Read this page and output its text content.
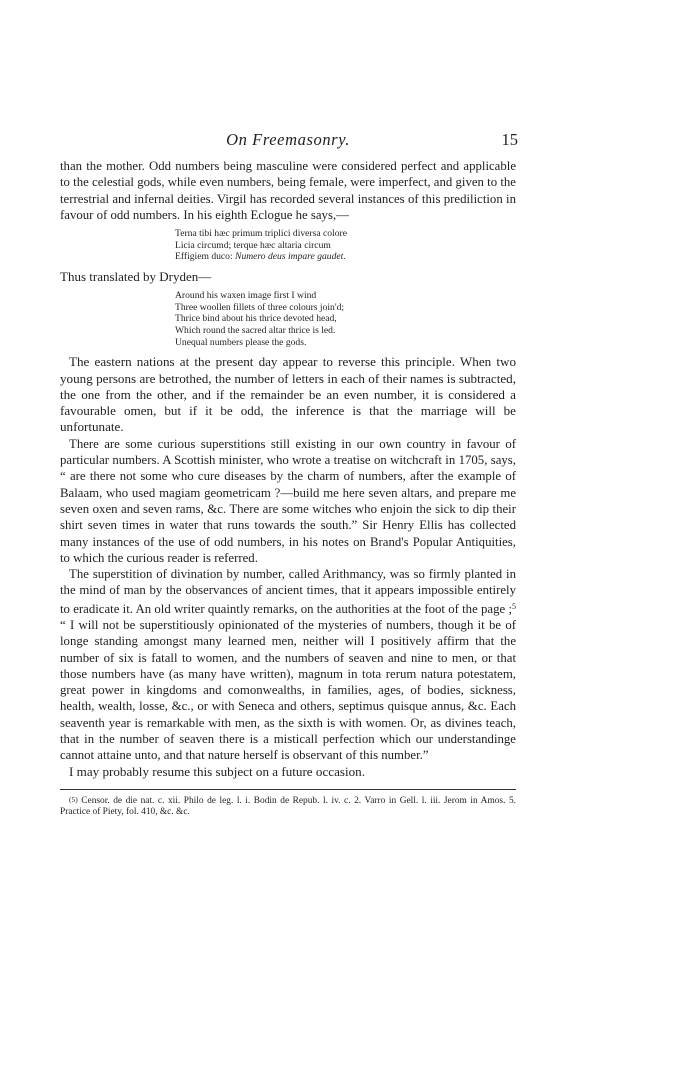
On Freemasonry.	15

than the mother. Odd numbers being masculine were considered perfect and applicable to the celestial gods, while even numbers, being female, were imperfect, and given to the terrestrial and infernal deities. Virgil has recorded several instances of this prediliction in favour of odd numbers. In his eighth Eclogue he says,—

Terna tibi hæc primum triplici diversa colore
Licia circumd; terque hæc altaria circum
Effigiem duco: Numero deus impare gaudet.

Thus translated by Dryden—

Around his waxen image first I wind
Three woollen fillets of three colours join'd;
Thrice bind about his thrice devoted head,
Which round the sacred altar thrice is led.
Unequal numbers please the gods.

The eastern nations at the present day appear to reverse this principle. When two young persons are betrothed, the number of letters in each of their names is subtracted, the one from the other, and if the remainder be an even number, it is considered a favourable omen, but if it be odd, the inference is that the marriage will be unfortunate.

There are some curious superstitions still existing in our own country in favour of particular numbers. A Scottish minister, who wrote a treatise on witchcraft in 1705, says, “ are there not some who cure diseases by the charm of numbers, after the example of Balaam, who used magiam geometricam ?—build me here seven altars, and prepare me seven oxen and seven rams, &c. There are some witches who enjoin the sick to dip their shirt seven times in water that runs towards the south.” Sir Henry Ellis has collected many instances of the use of odd numbers, in his notes on Brand's Popular Antiquities, to which the curious reader is referred.

The superstition of divination by number, called Arithmancy, was so firmly planted in the mind of man by the observances of ancient times, that it appears impossible entirely to eradicate it. An old writer quaintly remarks, on the authorities at the foot of the page ;$^5$ “ I will not be superstitiously opinionated of the mysteries of numbers, though it be of longe standing amongst many learned men, neither will I positively affirm that the number of six is fatall to women, and the numbers of seaven and nine to men, or that those numbers have (as many have written), magnum in tota rerum natura potestatem, great power in kingdoms and comonwealths, in families, ages, of bodies, sickness, health, wealth, losse, &c., or with Seneca and others, septimus quisque annus, &c. Each seaventh year is remarkable with men, as the sixth is with women. Or, as divines teach, that in the number of seaven there is a misticall perfection which our understandinge cannot attaine unto, and that nature herself is observant of this number.”

I may probably resume this subject on a future occasion.

(5) Censor. de die nat. c. xii. Philo de leg. l. i. Bodin de Repub. l. iv. c. 2. Varro in Gell. l. iii. Jerom in Amos. 5. Practice of Piety, fol. 410, &c. &c.
